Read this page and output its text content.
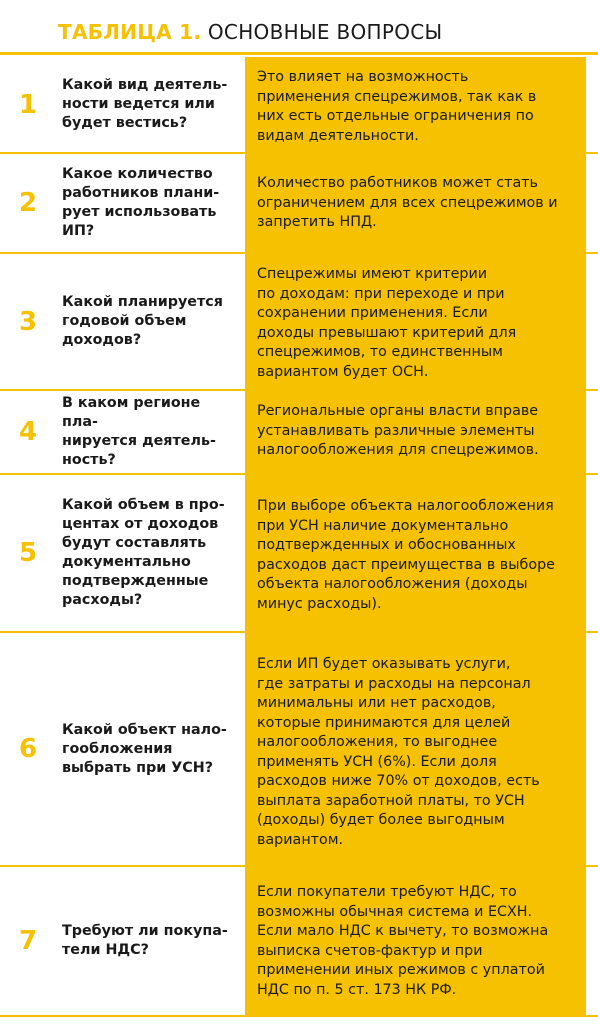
ТАБЛИЦА 1. ОСНОВНЫЕ ВОПРОСЫ
1
Какой вид деятель-
ности ведется или
будет вестись?
Это влияет на возможность
применения спецрежимов, так как в
них есть отдельные ограничения по
видам деятельности.
2
Какое количество
работников плани-
рует использовать
ИП?
Количество работников может стать
ограничением для всех спецрежимов и
запретить НПД.
3
Какой планируется
годовой объем
доходов?
Спецрежимы имеют критерии
по доходам: при переходе и при
сохранении применения. Если
доходы превышают критерий для
спецрежимов, то единственным
вариантом будет ОСН.
4
В каком регионе пла-
нируется деятель-
ность?
Региональные органы власти вправе
устанавливать различные элементы
налогообложения для спецрежимов.
5
Какой объем в про-
центах от доходов
будут составлять
документально
подтвержденные
расходы?
При выборе объекта налогообложения
при УСН наличие документально
подтвержденных и обоснованных
расходов даст преимущества в выборе
объекта налогообложения (доходы
минус расходы).
6
Какой объект нало-
гообложения
выбрать при УСН?
Если ИП будет оказывать услуги,
где затраты и расходы на персонал
минимальны или нет расходов,
которые принимаются для целей
налогообложения, то выгоднее
применять УСН (6%). Если доля
расходов ниже 70% от доходов, есть
выплата заработной платы, то УСН
(доходы) будет более выгодным
вариантом.
7	Требуют ли покупа-
тели НДС?
Если покупатели требуют НДС, то
возможны обычная система и ЕСХН.
Если мало НДС к вычету, то возможна
выписка счетов-фактур и при
применении иных режимов с уплатой
НДС по п. 5 ст. 173 НК РФ.
